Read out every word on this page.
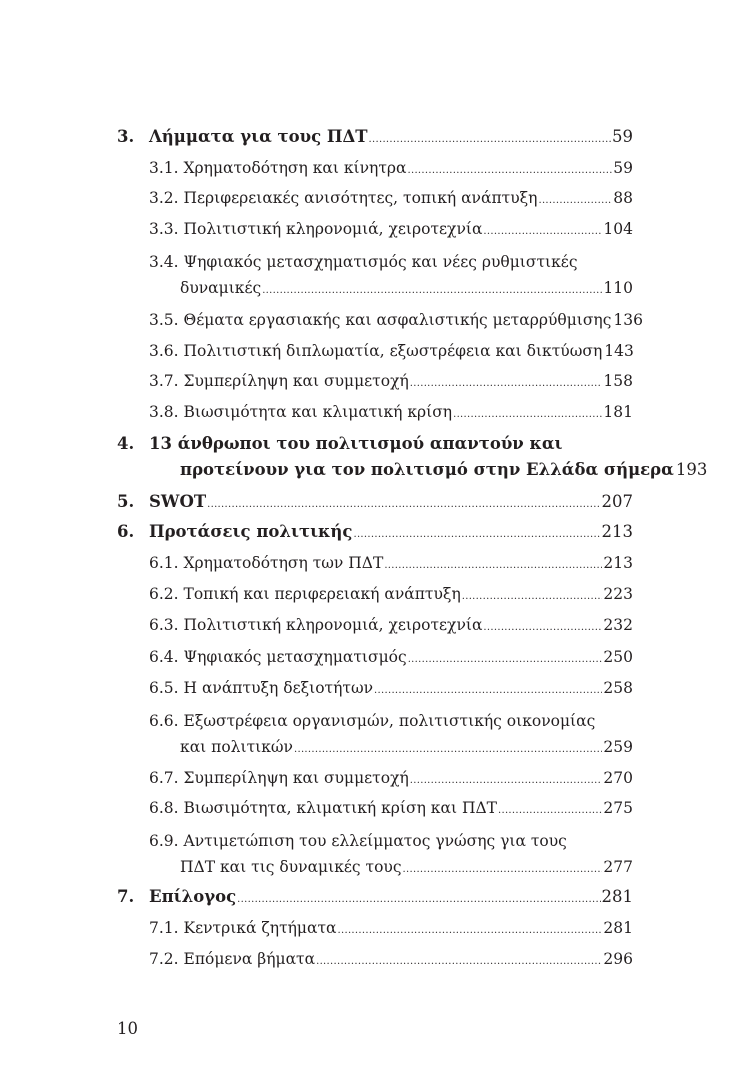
3. Λήμματα για τους ΠΔΤ .....	59
3.1. Χρηματοδότηση και κίνητρα .....	59
3.2. Περιφερειακές ανισότητες, τοπική ανάπτυξη .....	88
3.3. Πολιτιστική κληρονομιά, χειροτεχνία .....	104
3.4. Ψηφιακός μετασχηματισμός και νέες ρυθμιστικές
δυναμικές .....	110
3.5. Θέματα εργασιακής και ασφαλιστικής μεταρρύθμισης 136
3.6. Πολιτιστική διπλωματία, εξωστρέφεια και δικτύωση 143
3.7. Συμπερίληψη και συμμετοχή .....	158
3.8. Βιωσιμότητα και κλιματική κρίση .....	181
4. 13 άνθρωποι του πολιτισμού απαντούν και
προτείνουν για τον πολιτισμό στην Ελλάδα σήμερα 193
5. SWOT .....	207
6. Προτάσεις πολιτικής .....	213
6.1. Χρηματοδότηση των ΠΔΤ .....	213
6.2. Τοπική και περιφερειακή ανάπτυξη .....	223
6.3. Πολιτιστική κληρονομιά, χειροτεχνία .....	232
6.4. Ψηφιακός μετασχηματισμός .....	250
6.5. Η ανάπτυξη δεξιοτήτων .....	258
6.6. Εξωστρέφεια οργανισμών, πολιτιστικής οικονομίας
και πολιτικών .....	259
6.7. Συμπερίληψη και συμμετοχή .....	270
6.8. Βιωσιμότητα, κλιματική κρίση και ΠΔΤ .....	275
6.9. Αντιμετώπιση του ελλείμματος γνώσης για τους
ΠΔΤ και τις δυναμικές τους .....	277
7. Επίλογος .....	281
7.1. Κεντρικά ζητήματα .....	281
7.2. Επόμενα βήματα .....	296
10
